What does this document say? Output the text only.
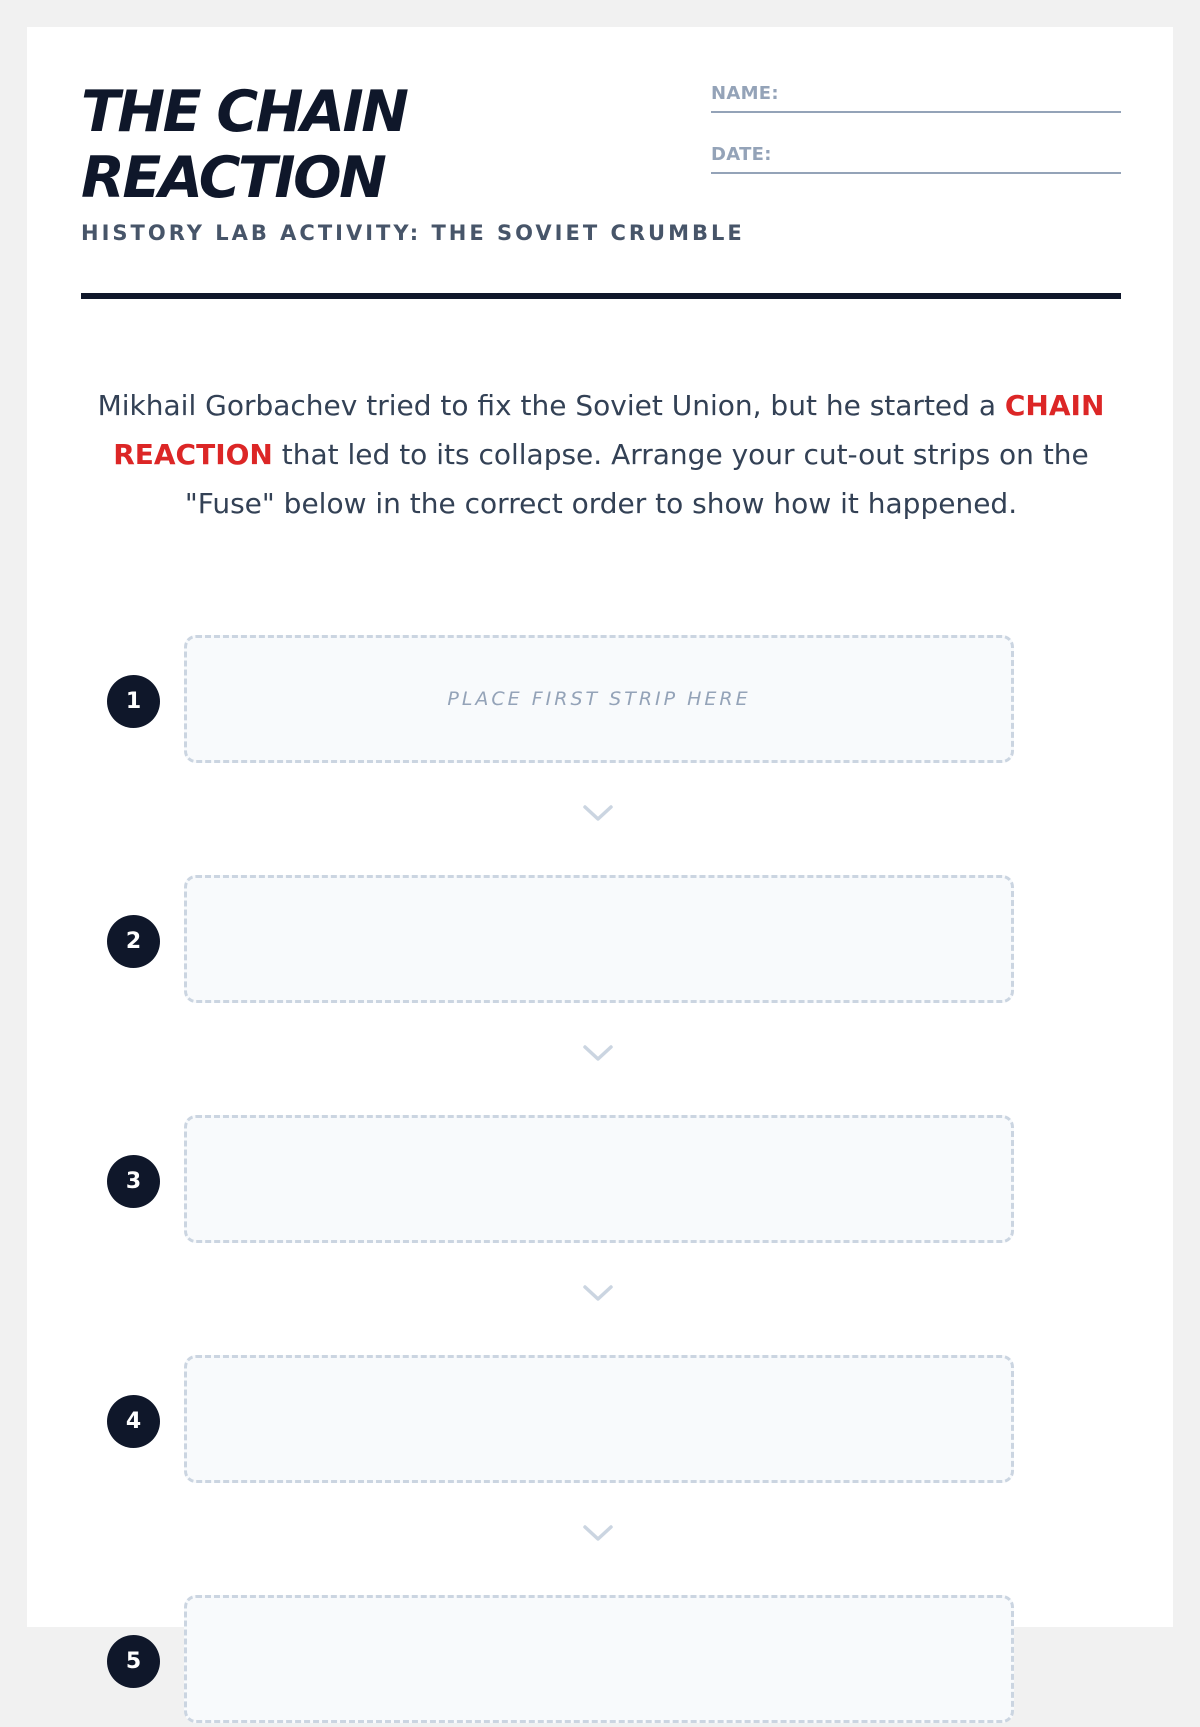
THE CHAIN
REACTION

HISTORY LAB ACTIVITY: THE SOVIET CRUMBLE

NAME:
DATE:

Mikhail Gorbachev tried to fix the Soviet Union, but he started a CHAIN REACTION that led to its collapse. Arrange your cut-out strips on the "Fuse" below in the correct order to show how it happened.

1	PLACE FIRST STRIP HERE
2
3
4
5
